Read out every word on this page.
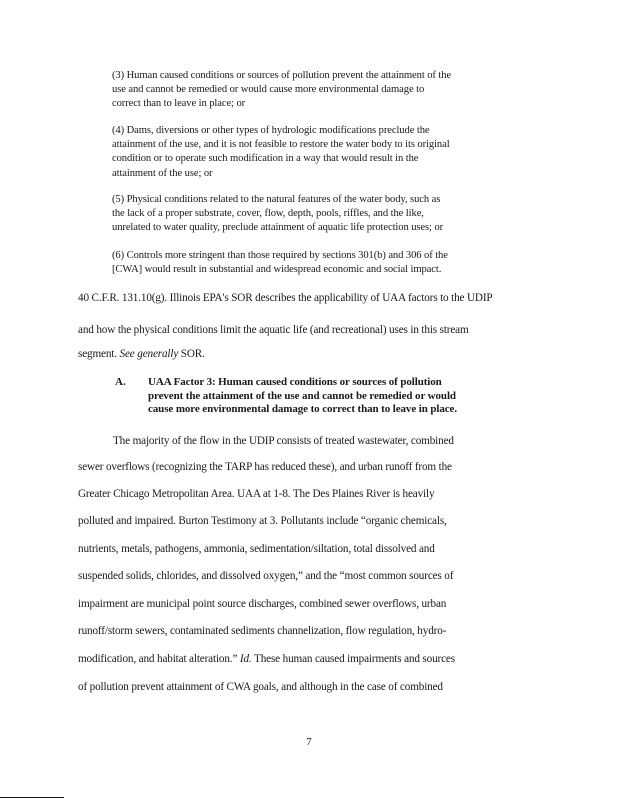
(3) Human caused conditions or sources of pollution prevent the attainment of the
use and cannot be remedied or would cause more environmental damage to
correct than to leave in place; or
(4) Dams, diversions or other types of hydrologic modifications preclude the
attainment of the use, and it is not feasible to restore the water body to its original
condition or to operate such modification in a way that would result in the
attainment of the use; or
(5) Physical conditions related to the natural features of the water body, such as
the lack of a proper substrate, cover, flow, depth, pools, riffles, and the like,
unrelated to water quality, preclude attainment of aquatic life protection uses; or
(6) Controls more stringent than those required by sections 301(b) and 306 of the
[CWA] would result in substantial and widespread economic and social impact.
40 C.F.R. 131.10(g). Illinois EPA's SOR describes the applicability of UAA factors to the UDIP
and how the physical conditions limit the aquatic life (and recreational) uses in this stream
segment. See generally SOR.
A. UAA Factor 3: Human caused conditions or sources of pollution
prevent the attainment of the use and cannot be remedied or would
cause more environmental damage to correct than to leave in place.
The majority of the flow in the UDIP consists of treated wastewater, combined
sewer overflows (recognizing the TARP has reduced these), and urban runoff from the
Greater Chicago Metropolitan Area. UAA at 1-8. The Des Plaines River is heavily
polluted and impaired. Burton Testimony at 3. Pollutants include “organic chemicals,
nutrients, metals, pathogens, ammonia, sedimentation/siltation, total dissolved and
suspended solids, chlorides, and dissolved oxygen,” and the “most common sources of
impairment are municipal point source discharges, combined sewer overflows, urban
runoff/storm sewers, contaminated sediments channelization, flow regulation, hydro-
modification, and habitat alteration.” Id. These human caused impairments and sources
of pollution prevent attainment of CWA goals, and although in the case of combined
7
